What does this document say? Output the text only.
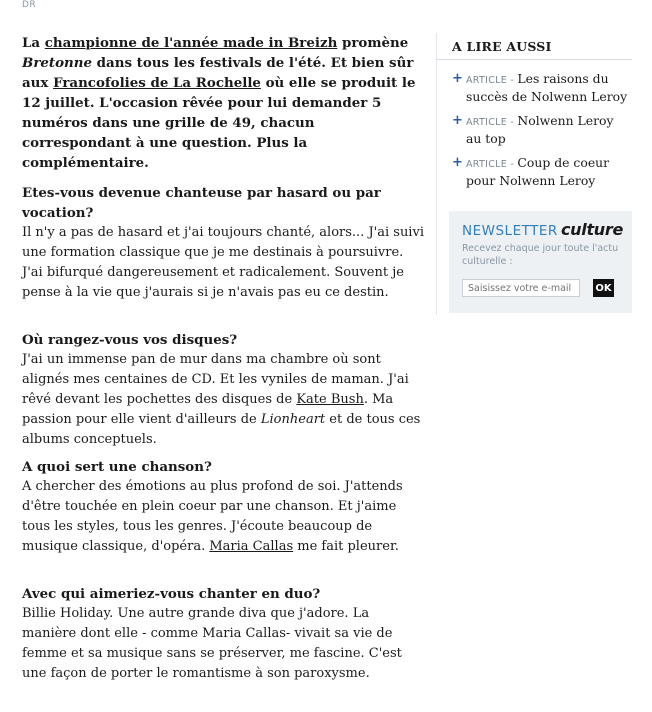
DR

La championne de l'année made in Breizh promène Bretonne dans tous les festivals de l'été. Et bien sûr aux Francofolies de La Rochelle où elle se produit le 12 juillet. L'occasion rêvée pour lui demander 5 numéros dans une grille de 49, chacun correspondant à une question. Plus la complémentaire.

Etes-vous devenue chanteuse par hasard ou par vocation?

Il n'y a pas de hasard et j'ai toujours chanté, alors... J'ai suivi une formation classique que je me destinais à poursuivre. J'ai bifurqué dangereusement et radicalement. Souvent je pense à la vie que j'aurais si je n'avais pas eu ce destin.

Où rangez-vous vos disques?

J'ai un immense pan de mur dans ma chambre où sont alignés mes centaines de CD. Et les vyniles de maman. J'ai rêvé devant les pochettes des disques de Kate Bush. Ma passion pour elle vient d'ailleurs de Lionheart et de tous ces albums conceptuels.

A quoi sert une chanson?

A chercher des émotions au plus profond de soi. J'attends d'être touchée en plein coeur par une chanson. Et j'aime tous les styles, tous les genres. J'écoute beaucoup de musique classique, d'opéra. Maria Callas me fait pleurer.

Avec qui aimeriez-vous chanter en duo?

Billie Holiday. Une autre grande diva que j'adore. La manière dont elle - comme Maria Callas- vivait sa vie de femme et sa musique sans se préserver, me fascine. C'est une façon de porter le romantisme à son paroxysme.

A LIRE AUSSI
+ ARTICLE - Les raisons du succès de Nolwenn Leroy
+ ARTICLE - Nolwenn Leroy au top
+ ARTICLE - Coup de coeur pour Nolwenn Leroy
NEWSLETTER culture
Recevez chaque jour toute l'actu culturelle :
Saisissez votre e-mail
OK
